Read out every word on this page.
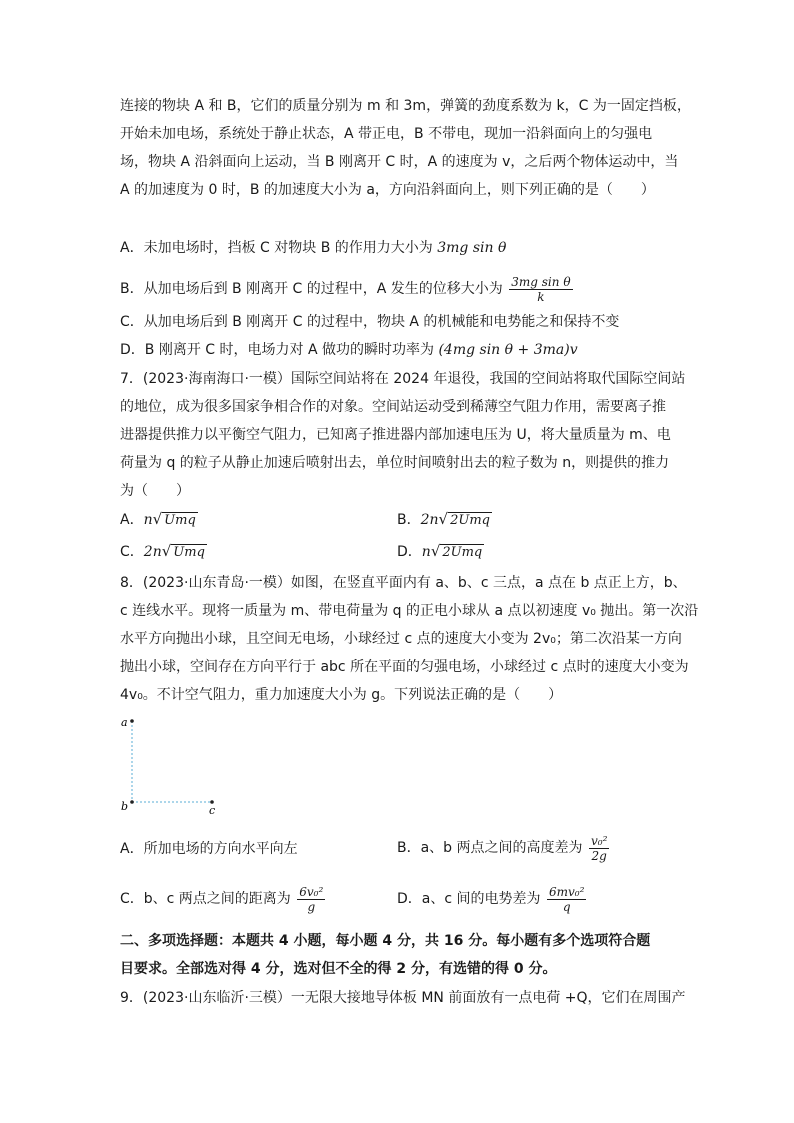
连接的物块 A 和 B，它们的质量分别为 m 和 3m，弹簧的劲度系数为 k，C 为一固定挡板，
开始未加电场，系统处于静止状态，A 带正电，B 不带电，现加一沿斜面向上的匀强电
场，物块 A 沿斜面向上运动，当 B 刚离开 C 时，A 的速度为 v，之后两个物体运动中，当
A 的加速度为 0 时，B 的加速度大小为 a，方向沿斜面向上，则下列正确的是（　　）
A．未加电场时，挡板 C 对物块 B 的作用力大小为 3mg sin θ
B．从加电场后到 B 刚离开 C 的过程中，A 发生的位移大小为 $\frac{\text{3mg sin θ}}{k}$
C．从加电场后到 B 刚离开 C 的过程中，物块 A 的机械能和电势能之和保持不变
D．B 刚离开 C 时，电场力对 A 做功的瞬时功率为 (4mg sin θ + 3ma)v
7．(2023·海南海口·一模）国际空间站将在 2024 年退役，我国的空间站将取代国际空间站
的地位，成为很多国家争相合作的对象。空间站运动受到稀薄空气阻力作用，需要离子推
进器提供推力以平衡空气阻力，已知离子推进器内部加速电压为 U，将大量质量为 m、电
荷量为 q 的粒子从静止加速后喷射出去，单位时间喷射出去的粒子数为 n，则提供的推力
为（　　）
A．n√ Umq	B．2n√ 2Umq
C．2n√ Umq	D．n√ 2Umq
8．(2023·山东青岛·一模）如图，在竖直平面内有 a、b、c 三点，a 点在 b 点正上方，b、
c 连线水平。现将一质量为 m、带电荷量为 q 的正电小球从 a 点以初速度 v₀ 抛出。第一次沿
水平方向抛出小球，且空间无电场，小球经过 c 点的速度大小变为 2v₀；第二次沿某一方向
抛出小球，空间存在方向平行于 abc 所在平面的匀强电场，小球经过 c 点时的速度大小变为
4v₀。不计空气阻力，重力加速度大小为 g。下列说法正确的是（　　）
a
b	c
A．所加电场的方向水平向左	B．a、b 两点之间的高度差为 $\frac{\text{v₀²}}{2g}$
C．b、c 两点之间的距离为 $\frac{\text{6v₀²}}{g}$	D．a、c 间的电势差为 $\frac{\text{6mv₀²}}{q}$
二、多项选择题：本题共 4 小题，每小题 4 分，共 16 分。每小题有多个选项符合题
目要求。全部选对得 4 分，选对但不全的得 2 分，有选错的得 0 分。
9．(2023·山东临沂·三模）一无限大接地导体板 MN 前面放有一点电荷 +Q，它们在周围产
